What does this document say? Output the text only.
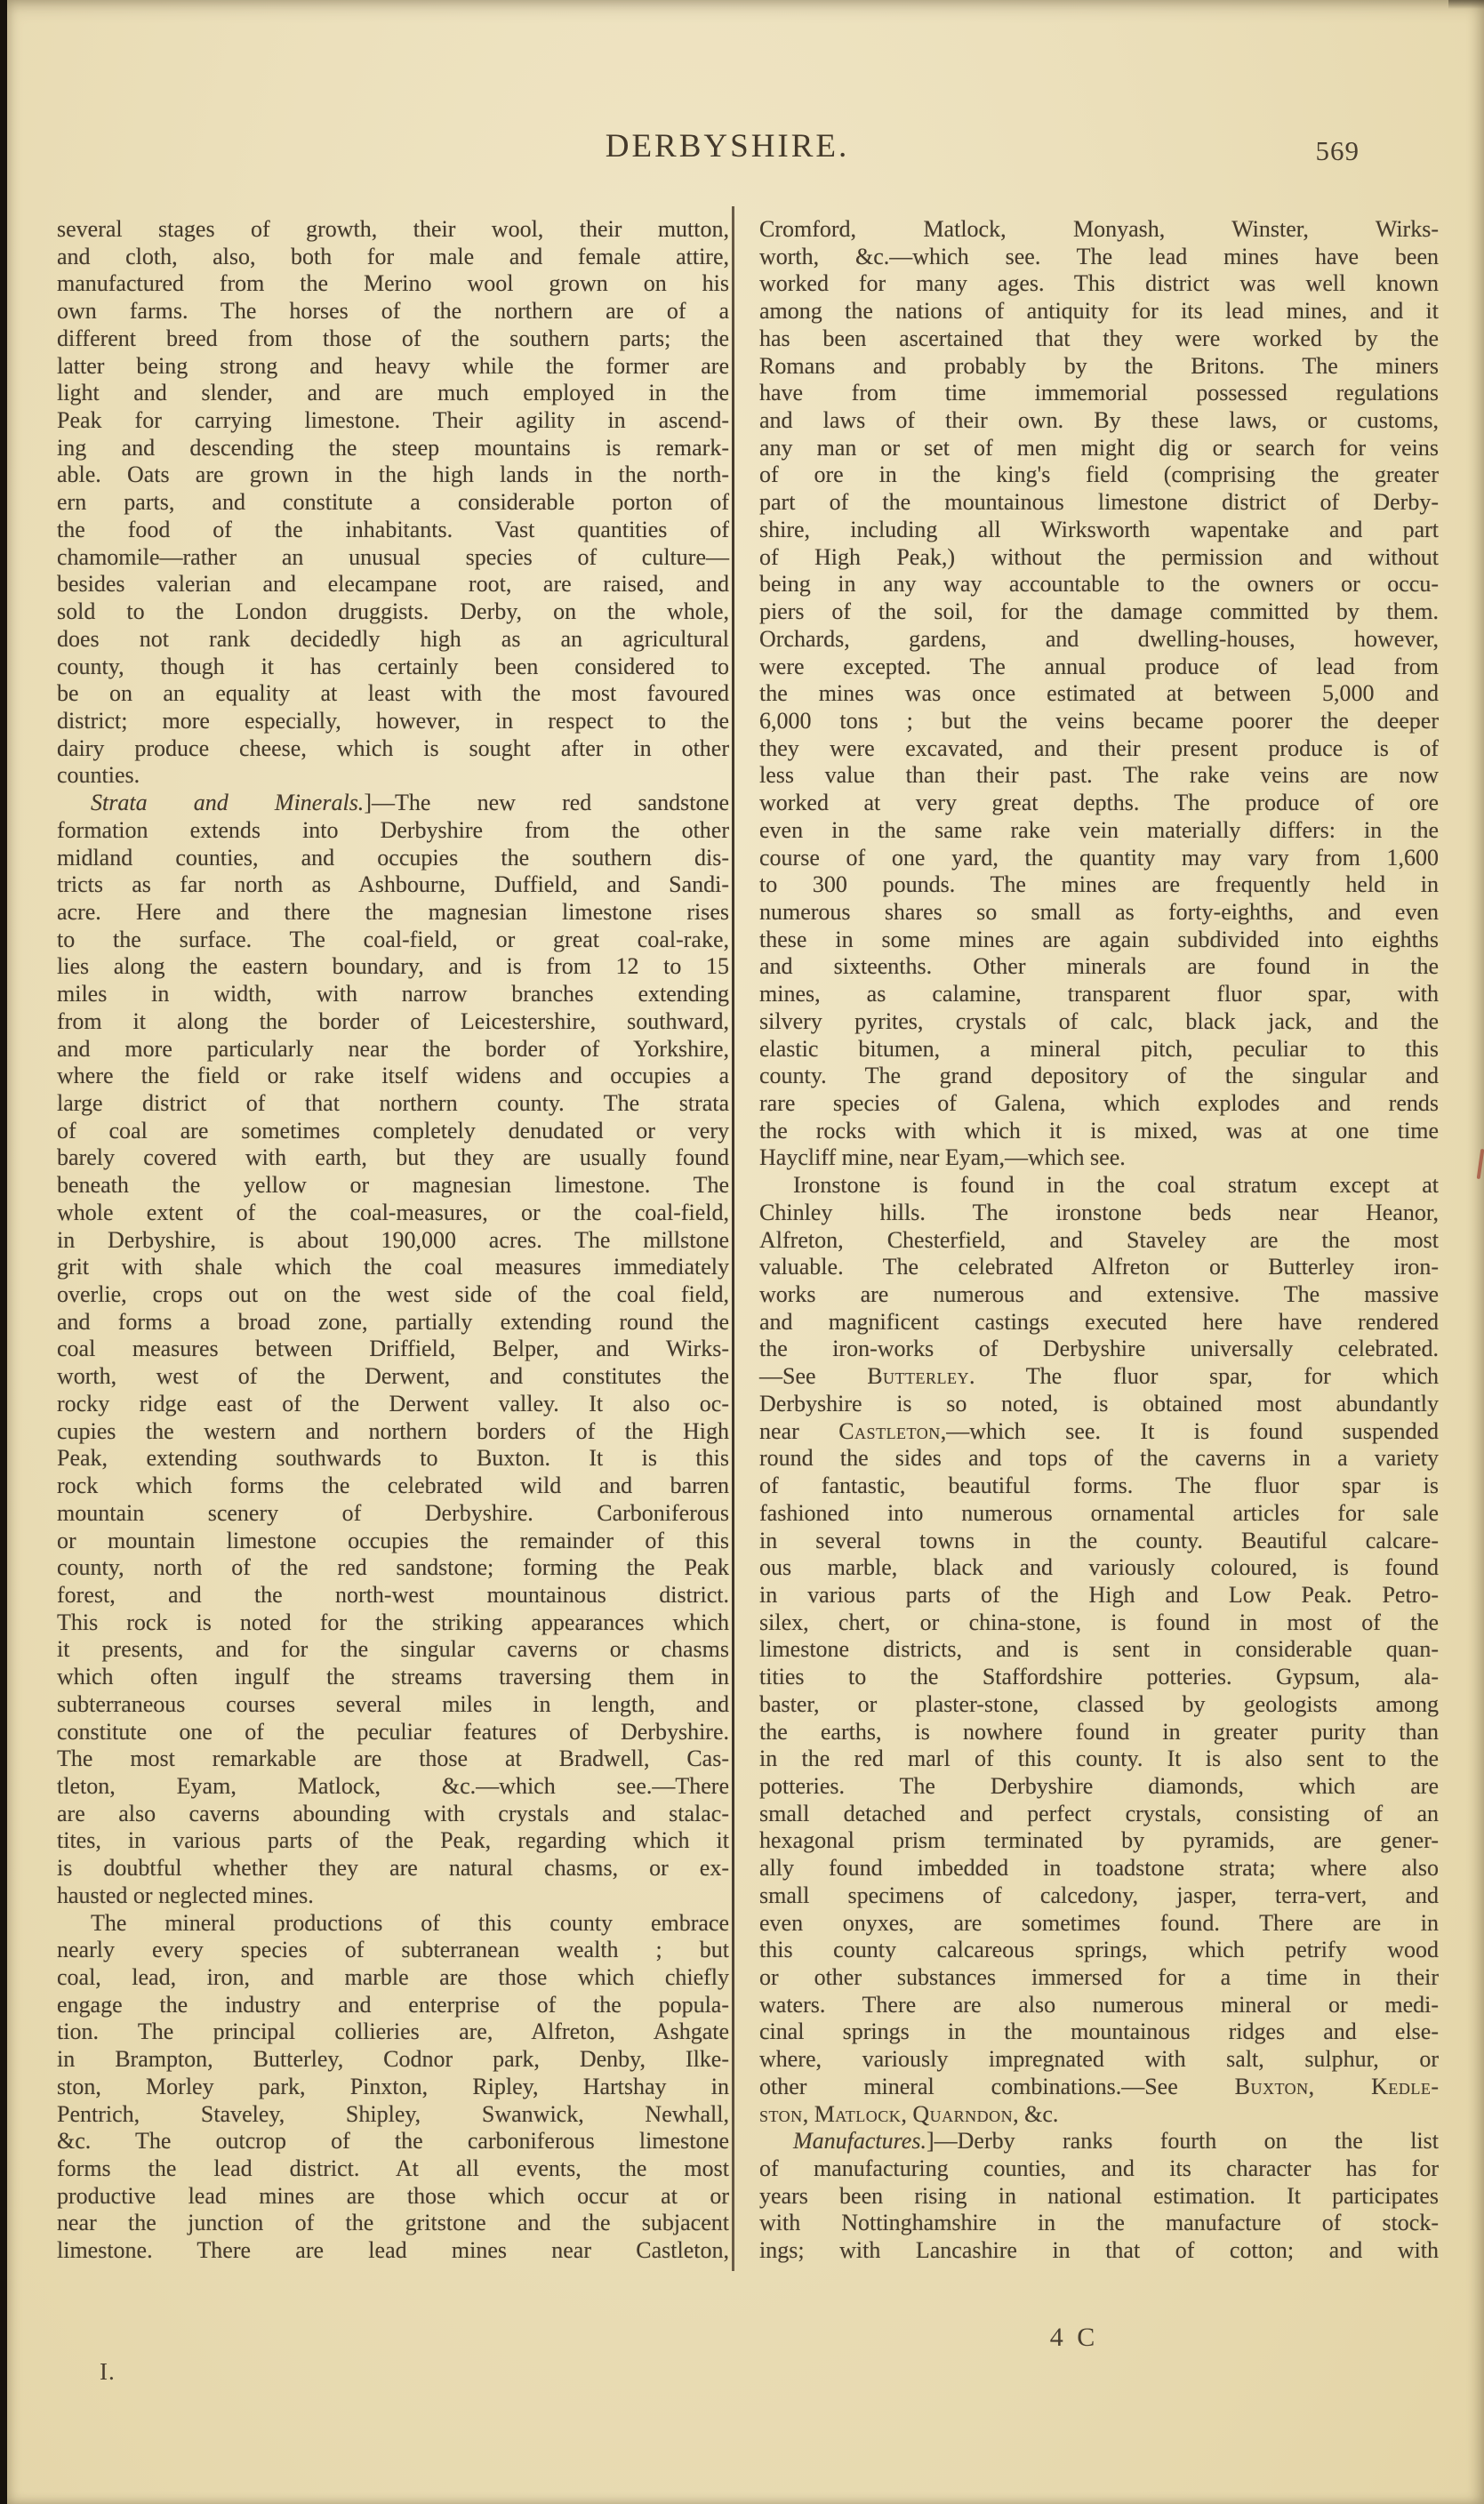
DERBYSHIRE.	569
several stages of growth, their wool, their mutton,
and cloth, also, both for male and female attire,
manufactured from the Merino wool grown on his
own farms. The horses of the northern are of a
different breed from those of the southern parts; the
latter being strong and heavy while the former are
light and slender, and are much employed in the
Peak for carrying limestone. Their agility in ascend-
ing and descending the steep mountains is remark-
able. Oats are grown in the high lands in the north-
ern parts, and constitute a considerable porton of
the food of the inhabitants. Vast quantities of
chamomile—rather an unusual species of culture—
besides valerian and elecampane root, are raised, and
sold to the London druggists. Derby, on the whole,
does not rank decidedly high as an agricultural
county, though it has certainly been considered to
be on an equality at least with the most favoured
district; more especially, however, in respect to the
dairy produce cheese, which is sought after in other
counties.
Strata and Minerals.]—The new red sandstone
formation extends into Derbyshire from the other
midland counties, and occupies the southern dis-
tricts as far north as Ashbourne, Duffield, and Sandi-
acre. Here and there the magnesian limestone rises
to the surface. The coal-field, or great coal-rake,
lies along the eastern boundary, and is from 12 to 15
miles in width, with narrow branches extending
from it along the border of Leicestershire, southward,
and more particularly near the border of Yorkshire,
where the field or rake itself widens and occupies a
large district of that northern county. The strata
of coal are sometimes completely denudated or very
barely covered with earth, but they are usually found
beneath the yellow or magnesian limestone. The
whole extent of the coal-measures, or the coal-field,
in Derbyshire, is about 190,000 acres. The millstone
grit with shale which the coal measures immediately
overlie, crops out on the west side of the coal field,
and forms a broad zone, partially extending round the
coal measures between Driffield, Belper, and Wirks-
worth, west of the Derwent, and constitutes the
rocky ridge east of the Derwent valley. It also oc-
cupies the western and northern borders of the High
Peak, extending southwards to Buxton. It is this
rock which forms the celebrated wild and barren
mountain scenery of Derbyshire. Carboniferous
or mountain limestone occupies the remainder of this
county, north of the red sandstone; forming the Peak
forest, and the north-west mountainous district.
This rock is noted for the striking appearances which
it presents, and for the singular caverns or chasms
which often ingulf the streams traversing them in
subterraneous courses several miles in length, and
constitute one of the peculiar features of Derbyshire.
The most remarkable are those at Bradwell, Cas-
tleton, Eyam, Matlock, &c.—which see.—There
are also caverns abounding with crystals and stalac-
tites, in various parts of the Peak, regarding which it
is doubtful whether they are natural chasms, or ex-
hausted or neglected mines.
The mineral productions of this county embrace
nearly every species of subterranean wealth ; but
coal, lead, iron, and marble are those which chiefly
engage the industry and enterprise of the popula-
tion. The principal collieries are, Alfreton, Ashgate
in Brampton, Butterley, Codnor park, Denby, Ilke-
ston, Morley park, Pinxton, Ripley, Hartshay in
Pentrich, Staveley, Shipley, Swanwick, Newhall,
&c. The outcrop of the carboniferous limestone
forms the lead district. At all events, the most
productive lead mines are those which occur at or
near the junction of the gritstone and the subjacent
limestone. There are lead mines near Castleton,
Cromford, Matlock, Monyash, Winster, Wirks-
worth, &c.—which see. The lead mines have been
worked for many ages. This district was well known
among the nations of antiquity for its lead mines, and it
has been ascertained that they were worked by the
Romans and probably by the Britons. The miners
have from time immemorial possessed regulations
and laws of their own. By these laws, or customs,
any man or set of men might dig or search for veins
of ore in the king's field (comprising the greater
part of the mountainous limestone district of Derby-
shire, including all Wirksworth wapentake and part
of High Peak,) without the permission and without
being in any way accountable to the owners or occu-
piers of the soil, for the damage committed by them.
Orchards, gardens, and dwelling-houses, however,
were excepted. The annual produce of lead from
the mines was once estimated at between 5,000 and
6,000 tons ; but the veins became poorer the deeper
they were excavated, and their present produce is of
less value than their past. The rake veins are now
worked at very great depths. The produce of ore
even in the same rake vein materially differs: in the
course of one yard, the quantity may vary from 1,600
to 300 pounds. The mines are frequently held in
numerous shares so small as forty-eighths, and even
these in some mines are again subdivided into eighths
and sixteenths. Other minerals are found in the
mines, as calamine, transparent fluor spar, with
silvery pyrites, crystals of calc, black jack, and the
elastic bitumen, a mineral pitch, peculiar to this
county. The grand depository of the singular and
rare species of Galena, which explodes and rends
the rocks with which it is mixed, was at one time
Haycliff mine, near Eyam,—which see.
Ironstone is found in the coal stratum except at
Chinley hills. The ironstone beds near Heanor,
Alfreton, Chesterfield, and Staveley are the most
valuable. The celebrated Alfreton or Butterley iron-
works are numerous and extensive. The massive
and magnificent castings executed here have rendered
the iron-works of Derbyshire universally celebrated.
—See Butterley. The fluor spar, for which
Derbyshire is so noted, is obtained most abundantly
near Castleton,—which see. It is found suspended
round the sides and tops of the caverns in a variety
of fantastic, beautiful forms. The fluor spar is
fashioned into numerous ornamental articles for sale
in several towns in the county. Beautiful calcare-
ous marble, black and variously coloured, is found
in various parts of the High and Low Peak. Petro-
silex, chert, or china-stone, is found in most of the
limestone districts, and is sent in considerable quan-
tities to the Staffordshire potteries. Gypsum, ala-
baster, or plaster-stone, classed by geologists among
the earths, is nowhere found in greater purity than
in the red marl of this county. It is also sent to the
potteries. The Derbyshire diamonds, which are
small detached and perfect crystals, consisting of an
hexagonal prism terminated by pyramids, are gener-
ally found imbedded in toadstone strata; where also
small specimens of calcedony, jasper, terra-vert, and
even onyxes, are sometimes found. There are in
this county calcareous springs, which petrify wood
or other substances immersed for a time in their
waters. There are also numerous mineral or medi-
cinal springs in the mountainous ridges and else-
where, variously impregnated with salt, sulphur, or
other mineral combinations.—See Buxton, Kedle-
ston, Matlock, Quarndon, &c.
Manufactures.]—Derby ranks fourth on the list
of manufacturing counties, and its character has for
years been rising in national estimation. It participates
with Nottinghamshire in the manufacture of stock-
ings; with Lancashire in that of cotton; and with
I.
4 C
